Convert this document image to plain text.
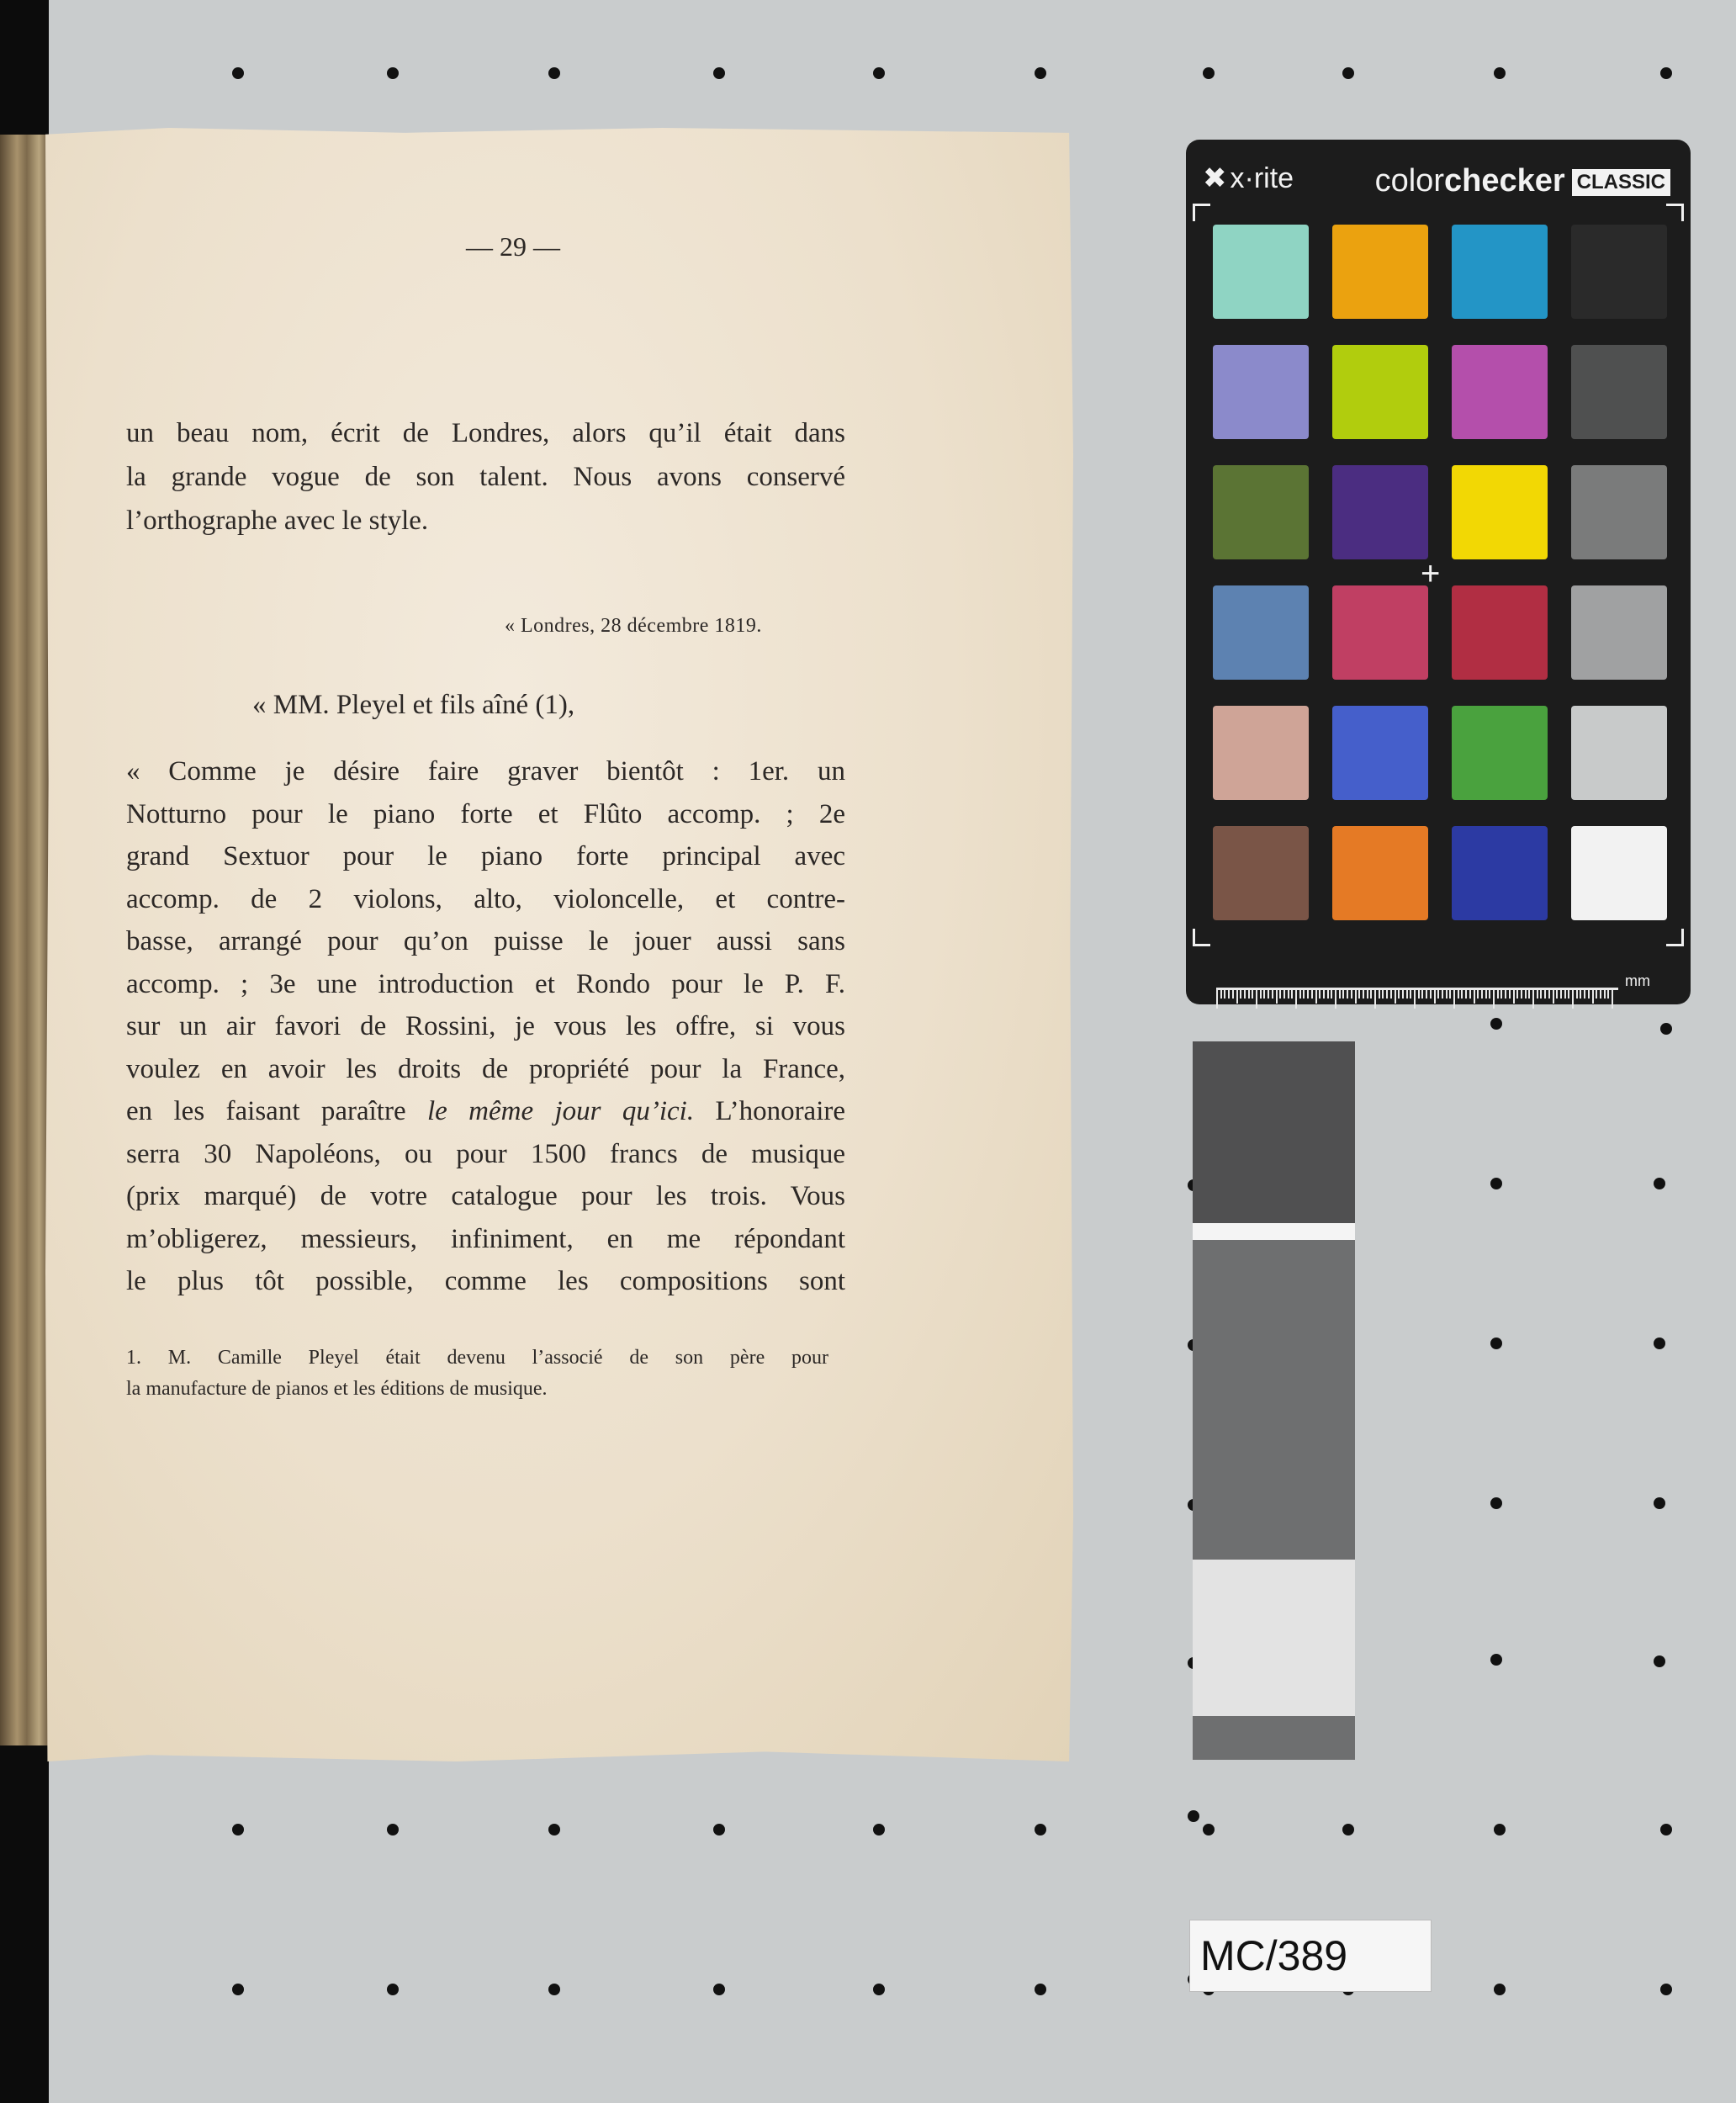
— 29 —
un beau nom, écrit de Londres, alors qu’il était dans
la grande vogue de son talent. Nous avons conservé
l’orthographe avec le style.
« Londres, 28 décembre 1819.
« MM. Pleyel et fils aîné (1),
« Comme je désire faire graver bientôt : 1er. un
Notturno pour le piano forte et Flûto accomp. ; 2e
grand Sextuor pour le piano forte principal avec
accomp. de 2 violons, alto, violoncelle, et contre-
basse, arrangé pour qu’on puisse le jouer aussi sans
accomp. ; 3e une introduction et Rondo pour le P. F.
sur un air favori de Rossini, je vous les offre, si vous
voulez en avoir les droits de propriété pour la France,
en les faisant paraître le même jour qu’ici. L’honoraire
serra 30 Napoléons, ou pour 1500 francs de musique
(prix marqué) de votre catalogue pour les trois. Vous
m’obligerez, messieurs, infiniment, en me répondant
le plus tôt possible, comme les compositions sont
1. M. Camille Pleyel était devenu l’associé de son père pour
la manufacture de pianos et les éditions de musique.
✖ x·rite	colorchecker CLASSIC
+
mm
MC/389
